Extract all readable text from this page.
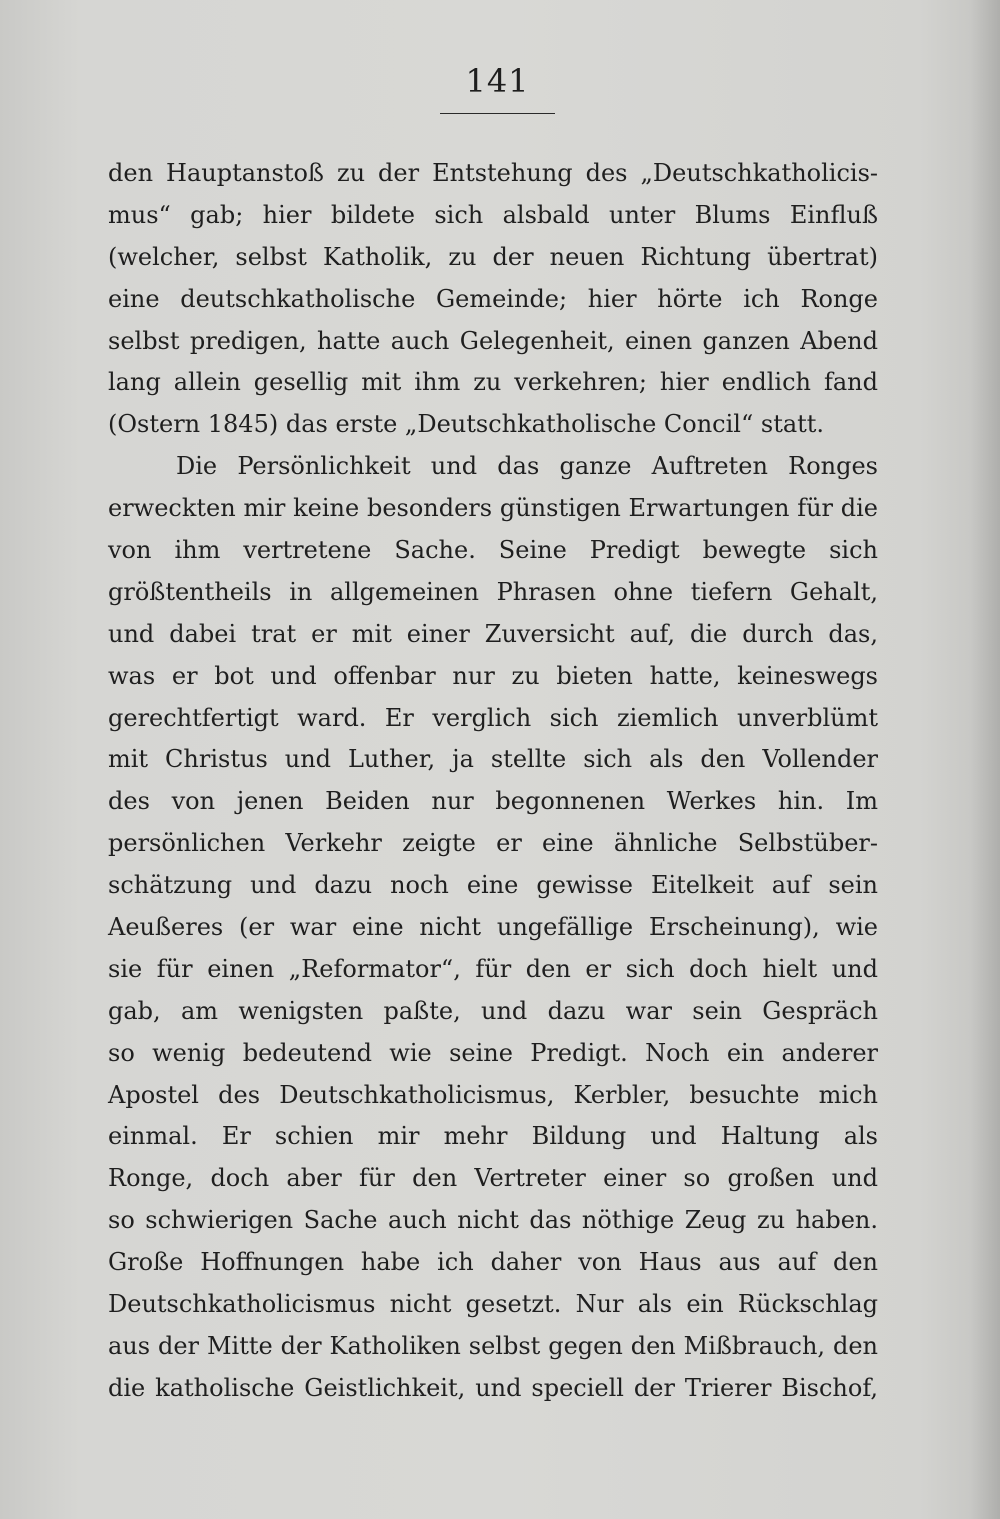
141
den Hauptanstoß zu der Entstehung des „Deutschkatholicis-
mus“ gab; hier bildete sich alsbald unter Blums Einfluß
(welcher, selbst Katholik, zu der neuen Richtung übertrat)
eine deutschkatholische Gemeinde; hier hörte ich Ronge
selbst predigen, hatte auch Gelegenheit, einen ganzen Abend
lang allein gesellig mit ihm zu verkehren; hier endlich fand
(Ostern 1845) das erste „Deutschkatholische Concil“ statt.
Die Persönlichkeit und das ganze Auftreten Ronges
erweckten mir keine besonders günstigen Erwartungen für die
von ihm vertretene Sache. Seine Predigt bewegte sich
größtentheils in allgemeinen Phrasen ohne tiefern Gehalt,
und dabei trat er mit einer Zuversicht auf, die durch das,
was er bot und offenbar nur zu bieten hatte, keineswegs
gerechtfertigt ward. Er verglich sich ziemlich unverblümt
mit Christus und Luther, ja stellte sich als den Vollender
des von jenen Beiden nur begonnenen Werkes hin. Im
persönlichen Verkehr zeigte er eine ähnliche Selbstüber-
schätzung und dazu noch eine gewisse Eitelkeit auf sein
Aeußeres (er war eine nicht ungefällige Erscheinung), wie
sie für einen „Reformator“, für den er sich doch hielt und
gab, am wenigsten paßte, und dazu war sein Gespräch
so wenig bedeutend wie seine Predigt. Noch ein anderer
Apostel des Deutschkatholicismus, Kerbler, besuchte mich
einmal. Er schien mir mehr Bildung und Haltung als
Ronge, doch aber für den Vertreter einer so großen und
so schwierigen Sache auch nicht das nöthige Zeug zu haben.
Große Hoffnungen habe ich daher von Haus aus auf den
Deutschkatholicismus nicht gesetzt. Nur als ein Rückschlag
aus der Mitte der Katholiken selbst gegen den Mißbrauch, den
die katholische Geistlichkeit, und speciell der Trierer Bischof,
